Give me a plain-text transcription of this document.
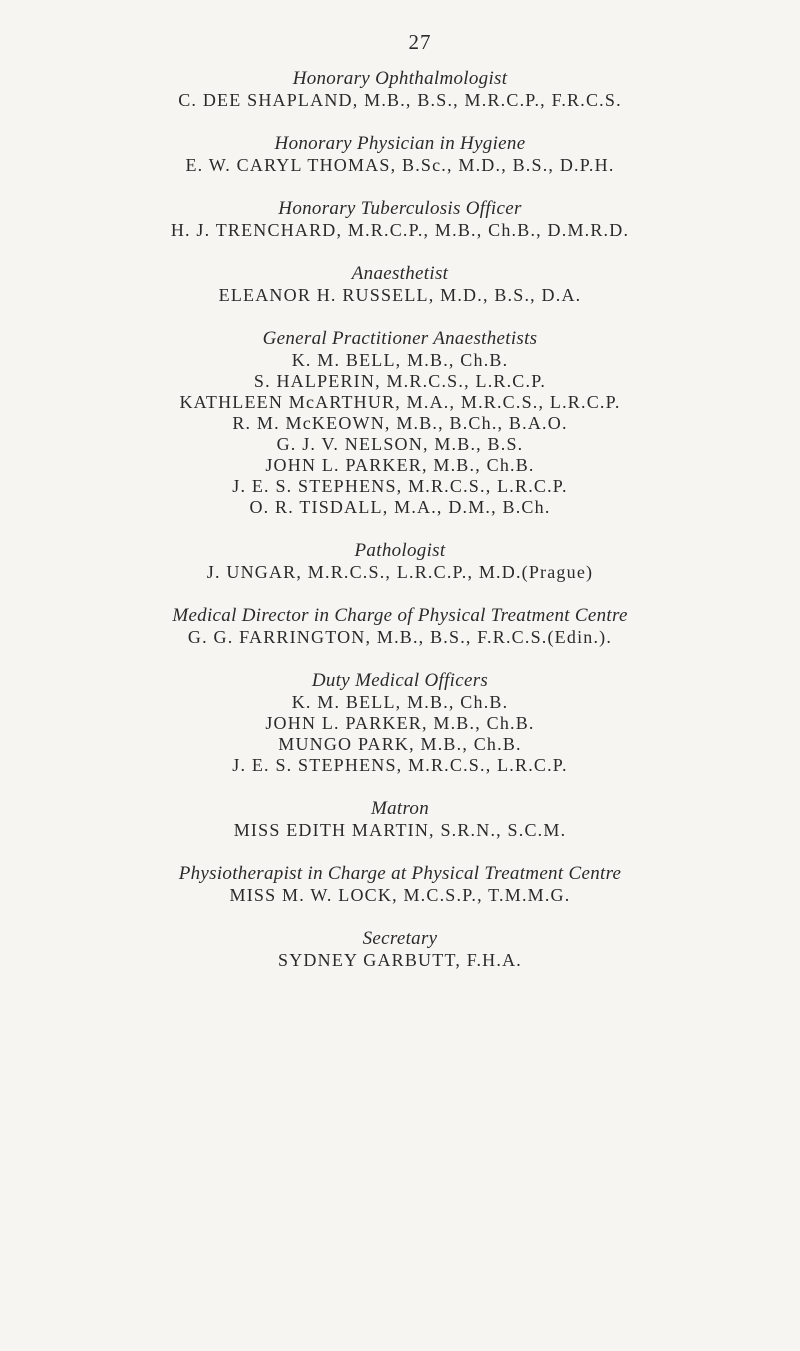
27
Honorary Ophthalmologist
C. DEE SHAPLAND, M.B., B.S., M.R.C.P., F.R.C.S.
Honorary Physician in Hygiene
E. W. CARYL THOMAS, B.Sc., M.D., B.S., D.P.H.
Honorary Tuberculosis Officer
H. J. TRENCHARD, M.R.C.P., M.B., Ch.B., D.M.R.D.
Anaesthetist
ELEANOR H. RUSSELL, M.D., B.S., D.A.
General Practitioner Anaesthetists
K. M. BELL, M.B., Ch.B.
S. HALPERIN, M.R.C.S., L.R.C.P.
KATHLEEN McARTHUR, M.A., M.R.C.S., L.R.C.P.
R. M. McKEOWN, M.B., B.Ch., B.A.O.
G. J. V. NELSON, M.B., B.S.
JOHN L. PARKER, M.B., Ch.B.
J. E. S. STEPHENS, M.R.C.S., L.R.C.P.
O. R. TISDALL, M.A., D.M., B.Ch.
Pathologist
J. UNGAR, M.R.C.S., L.R.C.P., M.D.(Prague)
Medical Director in Charge of Physical Treatment Centre
G. G. FARRINGTON, M.B., B.S., F.R.C.S.(Edin.).
Duty Medical Officers
K. M. BELL, M.B., Ch.B.
JOHN L. PARKER, M.B., Ch.B.
MUNGO PARK, M.B., Ch.B.
J. E. S. STEPHENS, M.R.C.S., L.R.C.P.
Matron
MISS EDITH MARTIN, S.R.N., S.C.M.
Physiotherapist in Charge at Physical Treatment Centre
MISS M. W. LOCK, M.C.S.P., T.M.M.G.
Secretary
SYDNEY GARBUTT, F.H.A.
